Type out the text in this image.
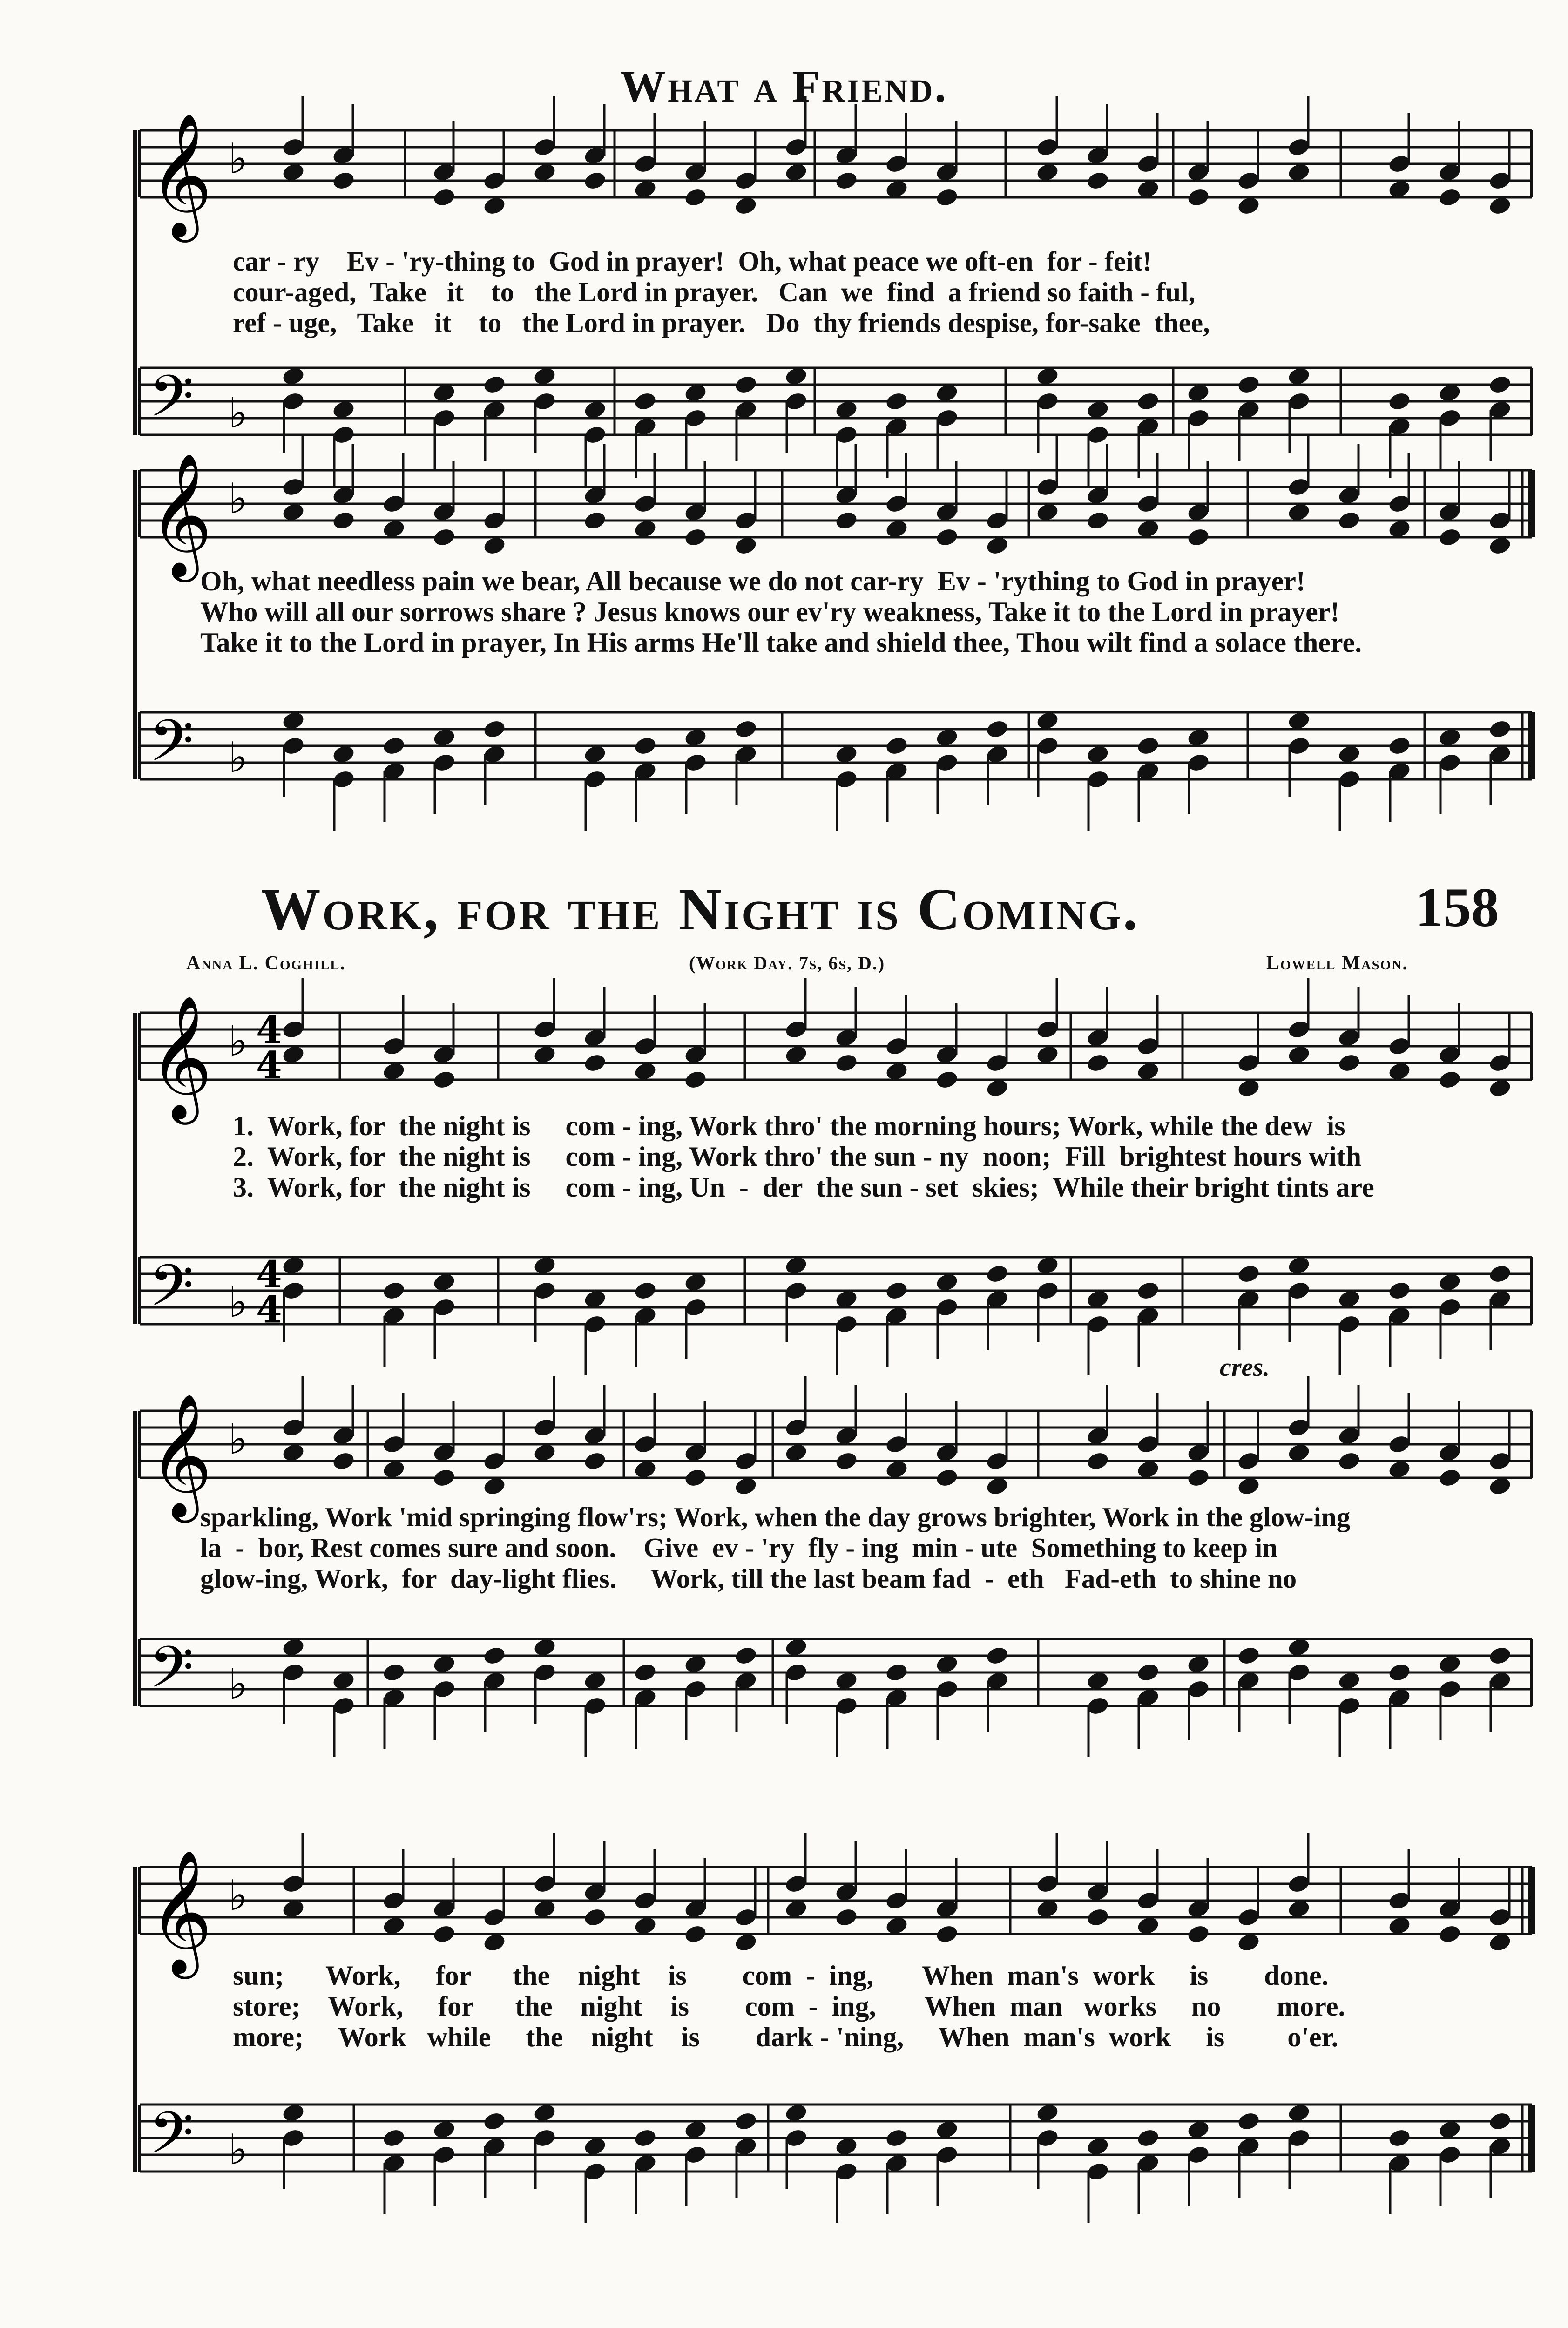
What a Friend.
Work, for the Night is Coming.	158
Anna L. Coghill.	(Work Day. 7s, 6s, D.)	Lowell Mason.
cres.
𝄞
𝄢
♭
♭
𝄞
𝄢
♭
♭
𝄞
𝄢
♭
♭
𝄞
𝄢
♭
♭
𝄞
𝄢
♭
♭
4
4
4
4
car - ry    Ev - 'ry-thing to  God in prayer!  Oh, what peace we oft-en  for - feit!
cour-aged,  Take   it    to   the Lord in prayer.   Can  we  find  a friend so faith - ful,
ref - uge,   Take   it    to   the Lord in prayer.   Do  thy friends despise, for-sake  thee,
Oh, what needless pain we bear, All because we do not car-ry  Ev - 'rything to God in prayer!
Who will all our sorrows share ? Jesus knows our ev'ry weakness, Take it to the Lord in prayer!
Take it to the Lord in prayer, In His arms He'll take and shield thee, Thou wilt find a solace there.
1.  Work, for  the night is     com - ing, Work thro' the morning hours; Work, while the dew  is
2.  Work, for  the night is     com - ing, Work thro' the sun - ny  noon;  Fill  brightest hours with
3.  Work, for  the night is     com - ing, Un  -  der  the sun - set  skies;  While their bright tints are
sparkling, Work 'mid springing flow'rs; Work, when the day grows brighter, Work in the glow-ing
la  -  bor, Rest comes sure and soon.    Give  ev - 'ry  fly - ing  min - ute  Something to keep in
glow-ing, Work,  for  day-light flies.     Work, till the last beam fad  -  eth   Fad-eth  to shine no
sun;      Work,     for      the    night    is        com  -  ing,       When  man's  work     is        done.
store;    Work,     for      the    night    is        com  -  ing,       When  man   works     no        more.
more;     Work   while     the    night    is        dark - 'ning,     When  man's  work     is         o'er.
